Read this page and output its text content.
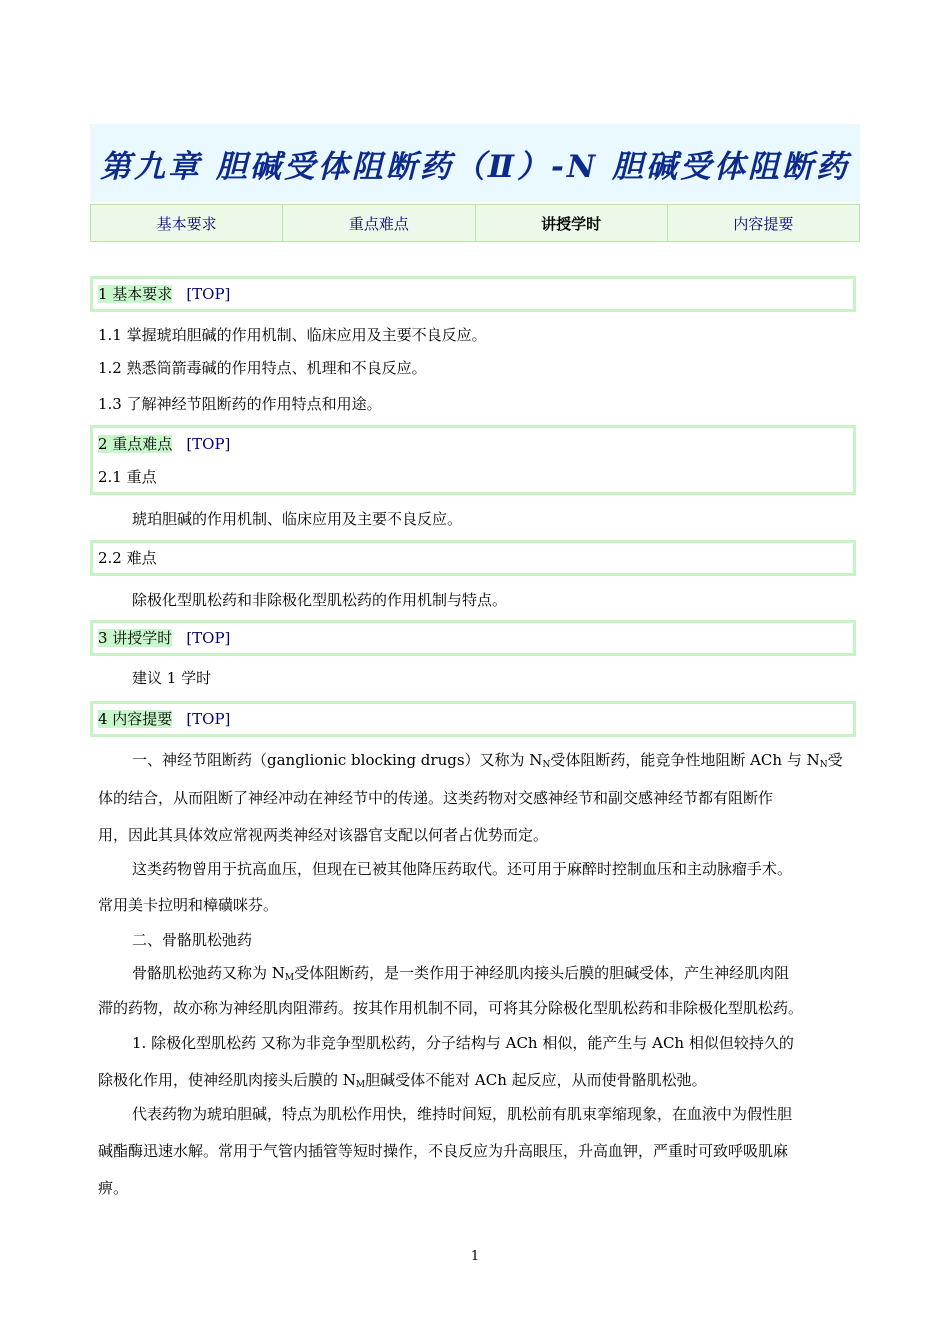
第九章 胆碱受体阻断药（Ⅱ）-N 胆碱受体阻断药
基本要求	重点难点	讲授学时	内容提要
1 基本要求 [TOP]
1.1 掌握琥珀胆碱的作用机制、临床应用及主要不良反应。
1.2 熟悉筒箭毒碱的作用特点、机理和不良反应。
1.3 了解神经节阻断药的作用特点和用途。
2 重点难点 [TOP]
2.1 重点
琥珀胆碱的作用机制、临床应用及主要不良反应。
2.2 难点
除极化型肌松药和非除极化型肌松药的作用机制与特点。
3 讲授学时 [TOP]
建议 1 学时
4 内容提要 [TOP]
一、神经节阻断药（ganglionic blocking drugs）又称为 $N_N$受体阻断药，能竞争性地阻断 ACh 与 $N_N$受
体的结合，从而阻断了神经冲动在神经节中的传递。这类药物对交感神经节和副交感神经节都有阻断作
用，因此其具体效应常视两类神经对该器官支配以何者占优势而定。
这类药物曾用于抗高血压，但现在已被其他降压药取代。还可用于麻醉时控制血压和主动脉瘤手术。
常用美卡拉明和樟磺咪芬。
二、骨骼肌松弛药
骨骼肌松弛药又称为 $N_M$受体阻断药，是一类作用于神经肌肉接头后膜的胆碱受体，产生神经肌肉阻
滞的药物，故亦称为神经肌肉阻滞药。按其作用机制不同，可将其分除极化型肌松药和非除极化型肌松药。
1. 除极化型肌松药 又称为非竞争型肌松药，分子结构与 ACh 相似，能产生与 ACh 相似但较持久的
除极化作用，使神经肌肉接头后膜的 $N_M$胆碱受体不能对 ACh 起反应，从而使骨骼肌松弛。
代表药物为琥珀胆碱，特点为肌松作用快，维持时间短，肌松前有肌束挛缩现象，在血液中为假性胆
碱酯酶迅速水解。常用于气管内插管等短时操作，不良反应为升高眼压，升高血钾，严重时可致呼吸肌麻
痹。
1
